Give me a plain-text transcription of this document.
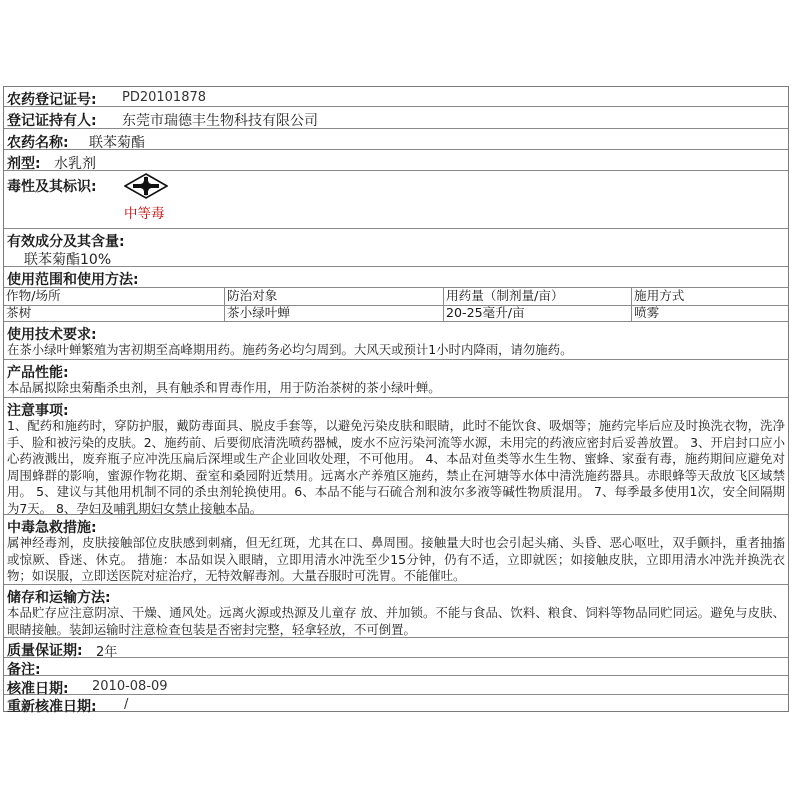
农药登记证号: PD20101878
登记证持有人: 东莞市瑞德丰生物科技有限公司
农药名称: 联苯菊酯
剂型: 水乳剂
毒性及其标识:
中等毒
有效成分及其含量:
联苯菊酯10%
使用范围和使用方法:
作物/场所	防治对象	用药量（制剂量/亩）	施用方式
茶树	茶小绿叶蝉	20-25毫升/亩	喷雾
使用技术要求:
在茶小绿叶蝉繁殖为害初期至高峰期用药。施药务必均匀周到。大风天或预计1小时内降雨，请勿施药。
产品性能:
本品属拟除虫菊酯杀虫剂，具有触杀和胃毒作用，用于防治茶树的茶小绿叶蝉。
注意事项:
1、配药和施药时，穿防护服，戴防毒面具、脱皮手套等，以避免污染皮肤和眼睛，此时不能饮食、吸烟等；施药完毕后应及时换洗衣物，洗净手、脸和被污染的皮肤。2、施药前、后要彻底清洗喷药器械，废水不应污染河流等水源，未用完的药液应密封后妥善放置。 3、开启封口应小心药液溅出，废弃瓶子应冲洗压扁后深埋或生产企业回收处理，不可他用。 4、本品对鱼类等水生生物、蜜蜂、家蚕有毒，施药期间应避免对周围蜂群的影响，蜜源作物花期、蚕室和桑园附近禁用。远离水产养殖区施药，禁止在河塘等水体中清洗施药器具。赤眼蜂等天敌放飞区域禁用。 5、建议与其他用机制不同的杀虫剂轮换使用。6、本品不能与石硫合剂和波尔多液等碱性物质混用。 7、每季最多使用1次，安全间隔期为7天。 8、孕妇及哺乳期妇女禁止接触本品。
中毒急救措施:
属神经毒剂，皮肤接触部位皮肤感到刺痛，但无红斑，尤其在口、鼻周围。接触量大时也会引起头痛、头昏、恶心呕吐，双手颤抖，重者抽搐或惊厥、昏迷、休克。 措施：本品如误入眼睛，立即用清水冲洗至少15分钟，仍有不适，立即就医；如接触皮肤，立即用清水冲洗并换洗衣物；如误服，立即送医院对症治疗，无特效解毒剂。大量吞服时可洗胃。不能催吐。
储存和运输方法:
本品贮存应注意阴凉、干燥、通风处。远离火源或热源及儿童存 放、并加锁。不能与食品、饮料、粮食、饲料等物品同贮同运。避免与皮肤、眼睛接触。装卸运输时注意检查包装是否密封完整，轻拿轻放，不可倒置。
质量保证期: 2年
备注:
核准日期: 2010-08-09
重新核准日期: /
